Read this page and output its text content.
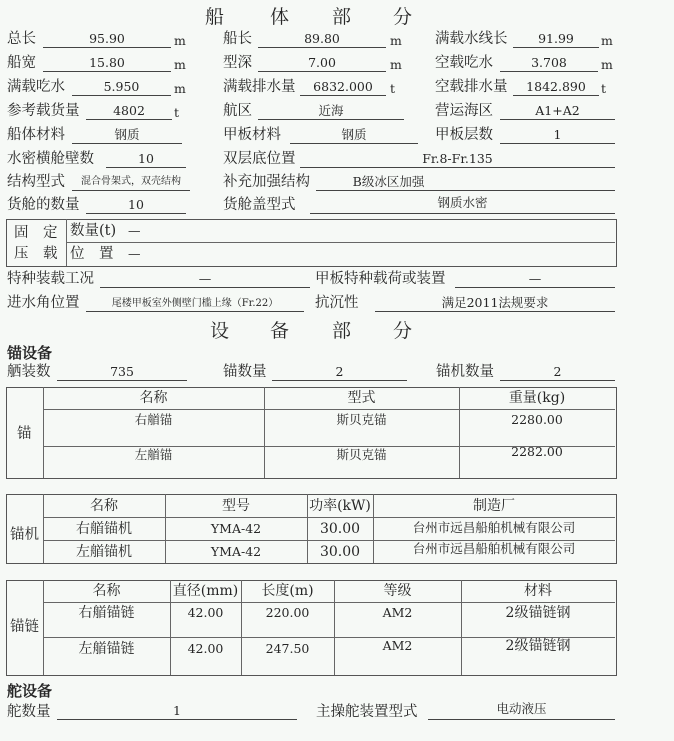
船 体 部 分
总长	95.90	m	船长	89.80	m 满载水线长	91.99	m
船宽	15.80	m	型深	7.00	m 空载吃水	3.708	m
满载吃水	5.950	m	满载排水量	6832.000	t	空载排水量	1842.890	t
参考载货量	4802	t	航区	近海	营运海区	A1+A2
船体材料	钢质	甲板材料	钢质	甲板层数	1
水密横舱壁数	10	双层底位置	Fr.8-Fr.135
结构型式	混合骨架式，双壳结构	补充加强结构	B级冰区加强
货舱的数量	10	货舱盖型式	钢质水密
固　定
压　载
数量(t) —
位　置 —
特种装载工况	—	甲板特种载荷或装置	—
进水角位置	尾楼甲板室外侧壁门槛上缘（Fr.22）	抗沉性	满足2011法规要求
设 备 部 分
锚设备
舾装数	735	锚数量	2	锚机数量	2
锚
名称	型式	重量(kg)
右艏锚	斯贝克锚	2280.00
左艏锚	斯贝克锚	2282.00
锚机
名称	型号	功率(kW)	制造厂
右艏锚机	YMA-42	30.00	台州市远昌船舶机械有限公司
左艏锚机	YMA-42	30.00	台州市远昌船舶机械有限公司
锚链
名称	直径(mm)	长度(m)	等级	材料
右艏锚链	42.00	220.00	AM2	2级锚链钢
左艏锚链	42.00	247.50	AM2	2级锚链钢
舵设备
舵数量	1	主操舵装置型式	电动液压
